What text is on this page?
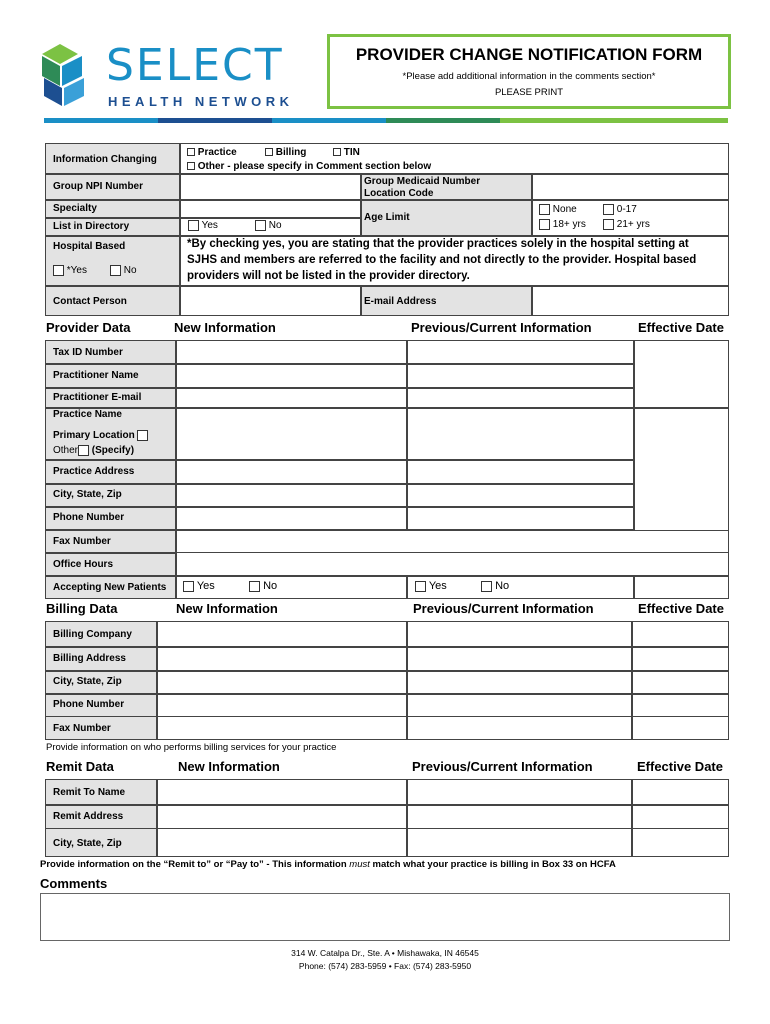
SELECT
HEALTH NETWORK
PROVIDER CHANGE NOTIFICATION FORM
*Please add additional information in the comments section*
PLEASE PRINT
Information Changing
Practice	Billing	TIN
Other - please specify in Comment section below
Group NPI Number	Group Medicaid Number
Location Code
Specialty
Age Limit
None	0-17
18+ yrs	21+ yrs
List in Directory	Yes	No
Hospital Based
*Yes	No
*By checking yes, you are stating that the provider practices solely in the hospital setting at
SJHS and members are referred to the facility and not directly to the provider. Hospital based
providers will not be listed in the provider directory.
Contact Person	E-mail Address
Provider Data	New Information	Previous/Current Information	Effective Date
Tax ID Number
Practitioner Name
Practitioner E-mail
Practice Name
Primary Location
Other (Specify)
Practice Address
City, State, Zip
Phone Number
Fax Number
Office Hours
Accepting New Patients	Yes	No	Yes	No
Billing Data	New Information	Previous/Current Information	Effective Date
Billing Company
Billing Address
City, State, Zip
Phone Number
Fax Number
Provide information on who performs billing services for your practice
Remit Data	New Information	Previous/Current Information	Effective Date
Remit To Name
Remit Address
City, State, Zip
Provide information on the “Remit to” or “Pay to” - This information must match what your practice is billing in Box 33 on HCFA
Comments
314 W. Catalpa Dr., Ste. A • Mishawaka, IN 46545
Phone: (574) 283-5959 • Fax: (574) 283-5950
